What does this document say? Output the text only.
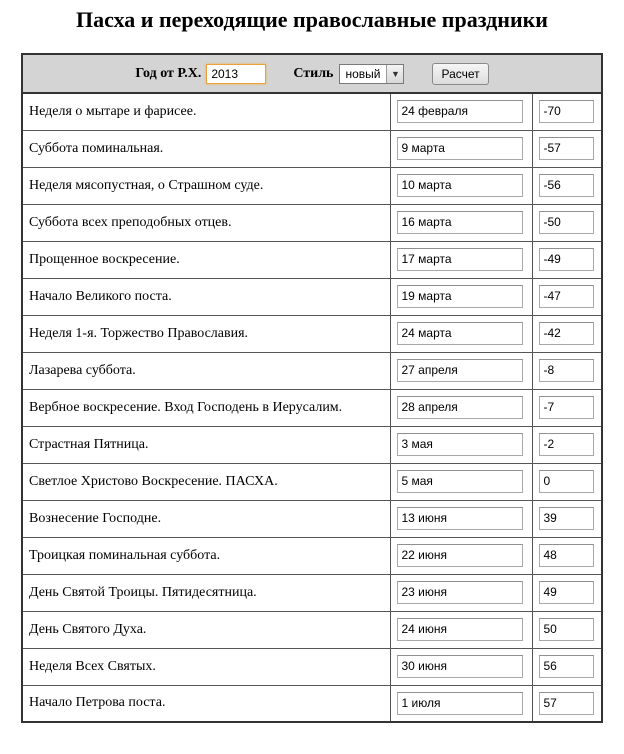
Пасха и переходящие православные праздники
Год от Р.Х.
2013 Стиль новый ▼ Расчет

Неделя о мытаре и фарисее.	24 февраля	-70

Суббота поминальная.	9 марта	-57

Неделя мясопустная, о Страшном суде.	10 марта	-56

Суббота всех преподобных отцев.	16 марта	-50

Прощенное воскресение.	17 марта	-49

Начало Великого поста.	19 марта	-47

Неделя 1-я. Торжество Православия.	24 марта	-42

Лазарева суббота.	27 апреля	-8

Вербное воскресение. Вход Господень в Иерусалим.	28 апреля	-7

Страстная Пятница.	3 мая	-2

Светлое Христово Воскресение. ПАСХА.	5 мая	0

Вознесение Господне.	13 июня	39

Троицкая поминальная суббота.	22 июня	48

День Святой Троицы. Пятидесятница.	23 июня	49

День Святого Духа.	24 июня	50

Неделя Всех Святых.	30 июня	56

Начало Петрова поста.	1 июля	57
